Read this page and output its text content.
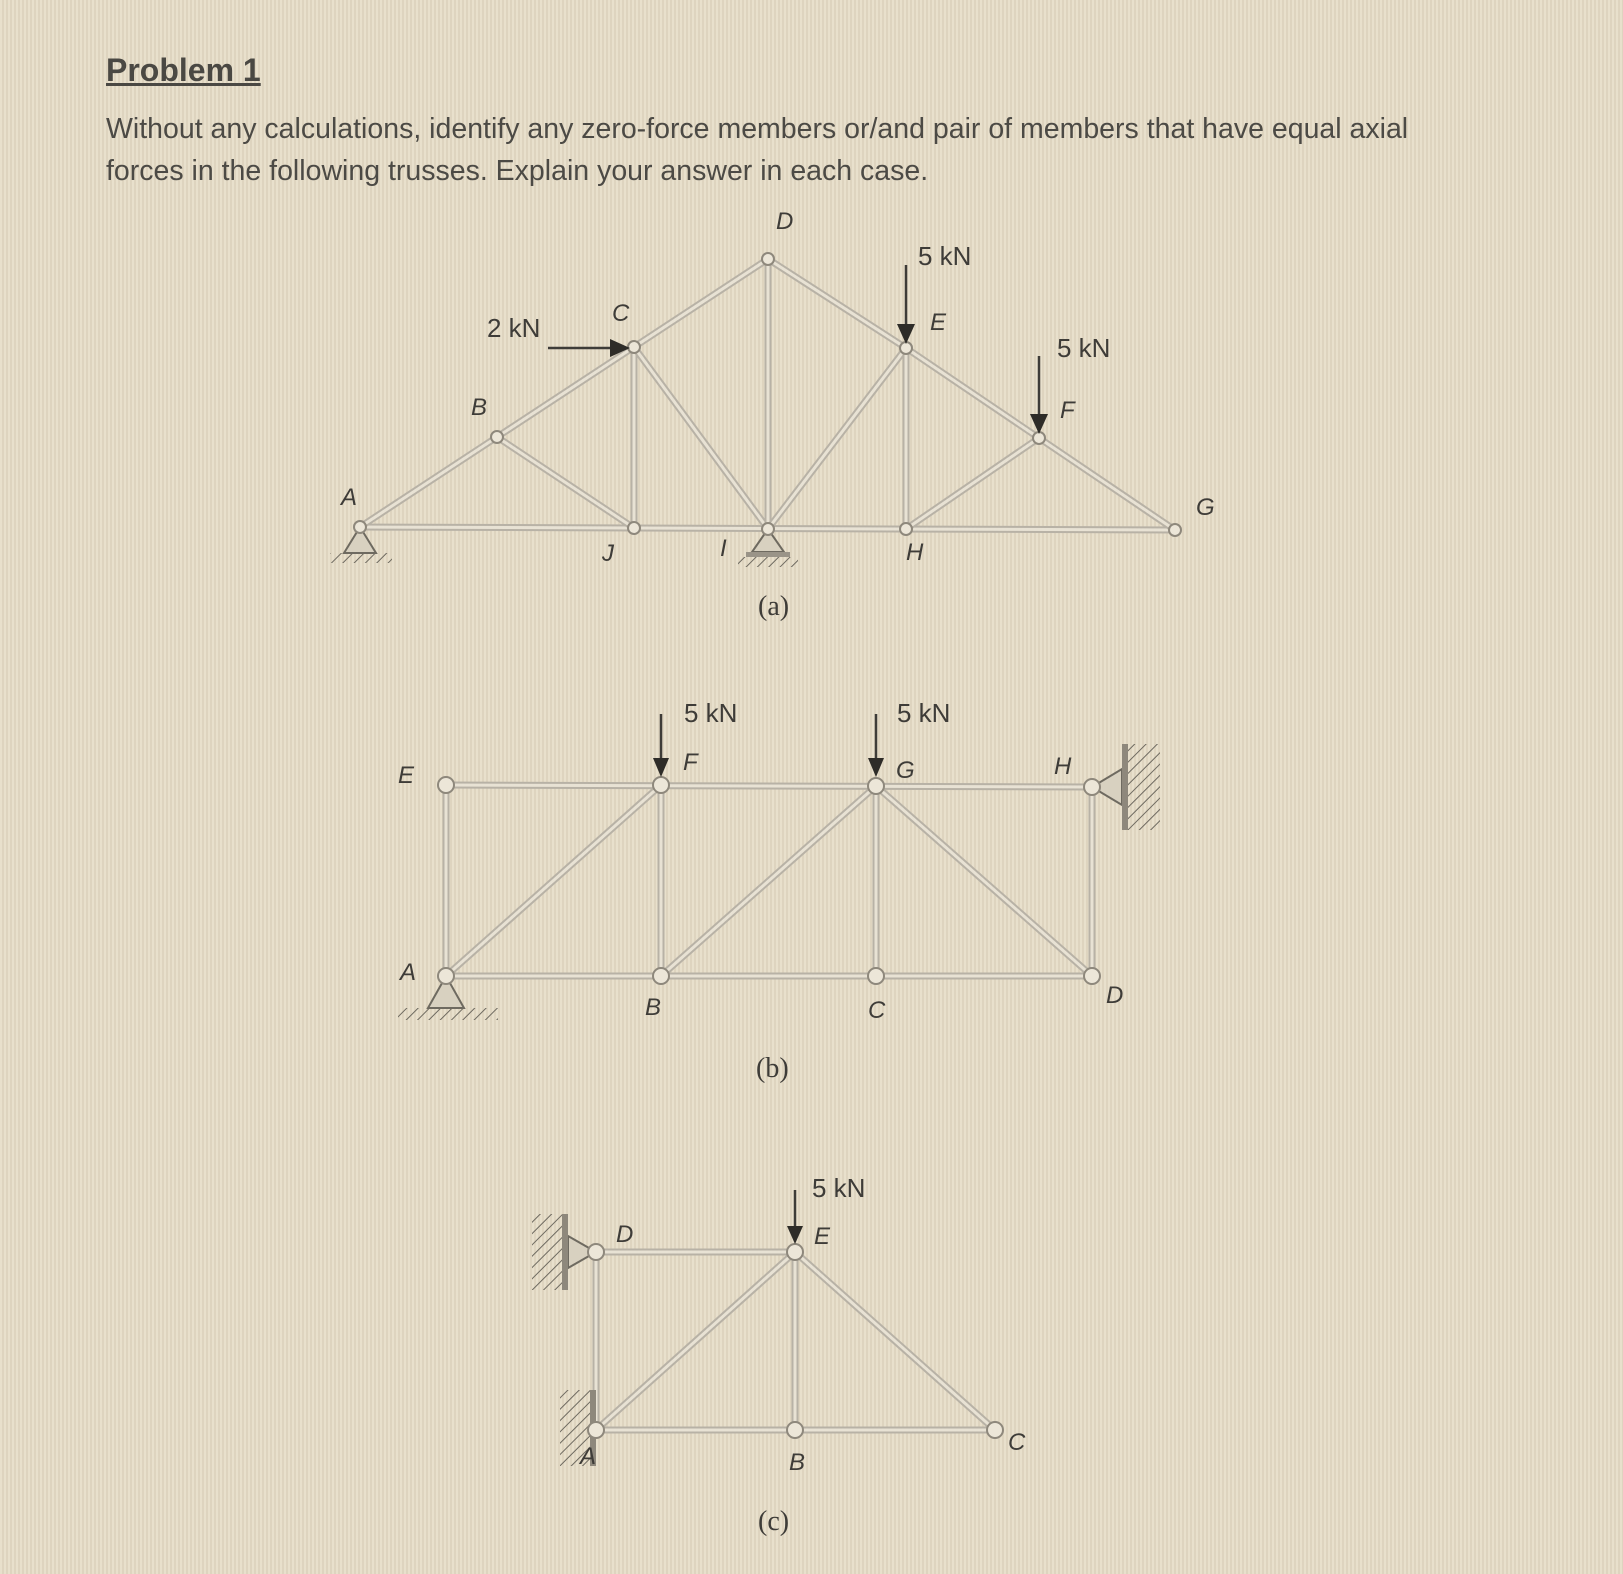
Problem 1

Without any calculations, identify any zero-force members or/and pair of members that have equal axial forces in the following trusses. Explain your answer in each case.

2 kN
5 kN
5 kN
A
B
C
D
E
F
G
H
I
J
(a)
5 kN	5 kN
A
B	C
D
E	F	G	H
(b)
5 kN
A	B
C
D	E
(c)
